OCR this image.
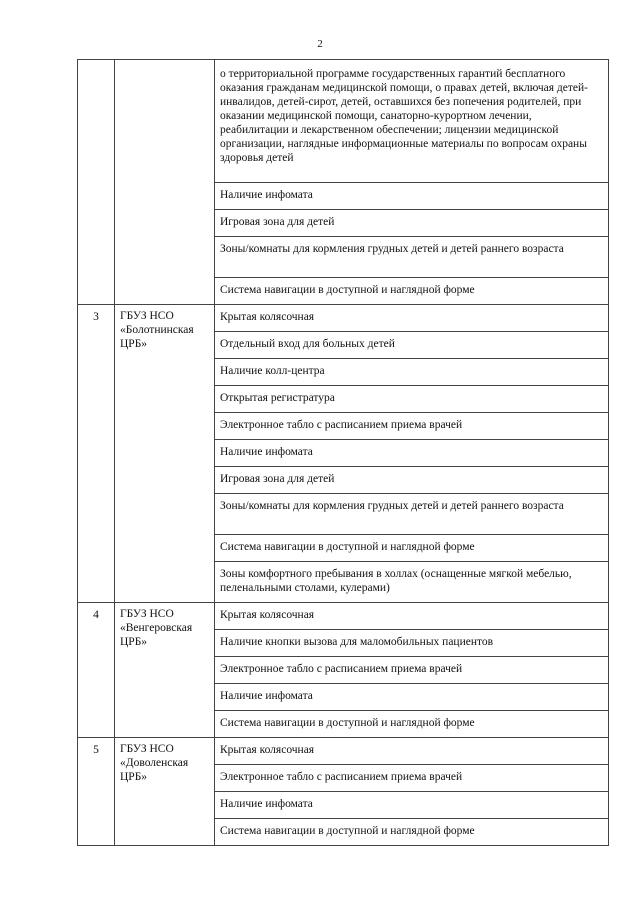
2

		о территориальной программе государственных гарантий бесплатного оказания гражданам медицинской помощи, о правах детей, включая детей-инвалидов, детей-сирот, детей, оставшихся без попечения родителей, при оказании медицинской помощи, санаторно-курортном лечении, реабилитации и лекарственном обеспечении; лицензии медицинской организации, наглядные информационные материалы по вопросам охраны здоровья детей

		Наличие инфомата

		Игровая зона для детей

		Зоны/комнаты для кормления грудных детей и детей раннего возраста

		Система навигации в доступной и наглядной форме

3	ГБУЗ НСО
«Болотнинская
ЦРБ»	Крытая колясочная

		Отдельный вход для больных детей

		Наличие колл-центра

		Открытая регистратура

		Электронное табло с расписанием приема врачей

		Наличие инфомата

		Игровая зона для детей

		Зоны/комнаты для кормления грудных детей и детей раннего возраста

		Система навигации в доступной и наглядной форме

		Зоны комфортного пребывания в холлах (оснащенные мягкой мебелью, пеленальными столами, кулерами)

4	ГБУЗ НСО
«Венгеровская
ЦРБ»	Крытая колясочная

		Наличие кнопки вызова для маломобильных пациентов

		Электронное табло с расписанием приема врачей

		Наличие инфомата

		Система навигации в доступной и наглядной форме

5	ГБУЗ НСО
«Доволенская
ЦРБ»	Крытая колясочная

		Электронное табло с расписанием приема врачей

		Наличие инфомата

		Система навигации в доступной и наглядной форме
